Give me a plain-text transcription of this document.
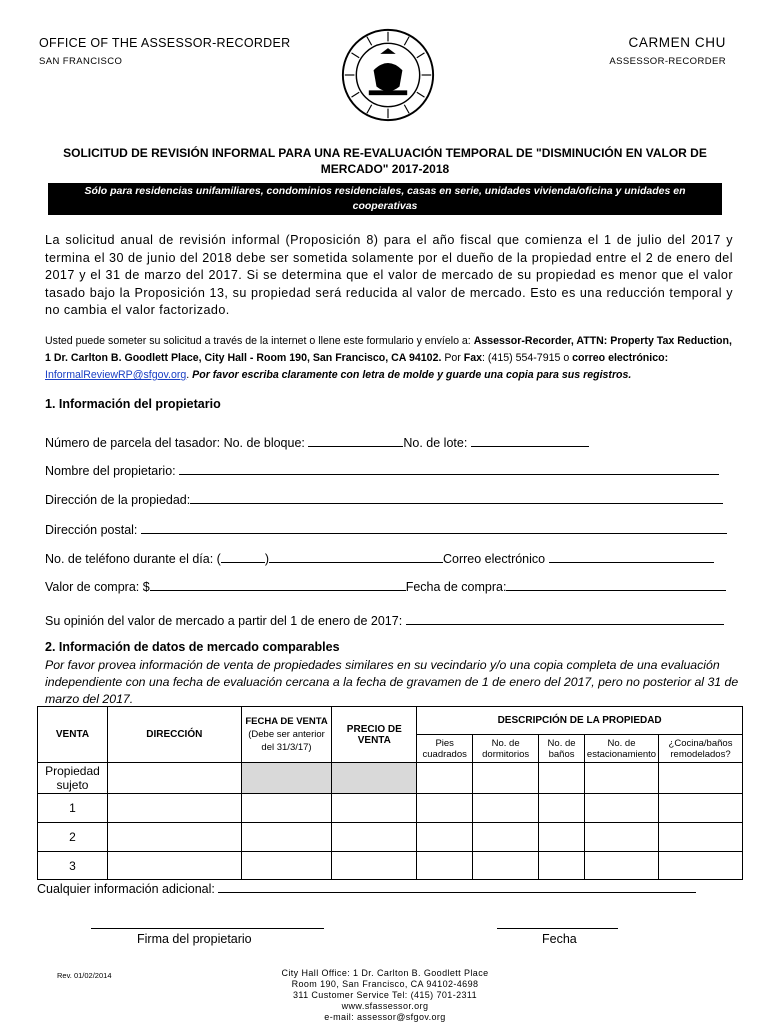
OFFICE OF THE ASSESSOR-RECORDER
SAN FRANCISCO
CARMEN CHU
ASSESSOR-RECORDER
SOLICITUD DE REVISIÓN INFORMAL PARA UNA RE-EVALUACIÓN TEMPORAL DE "DISMINUCIÓN EN VALOR DE MERCADO" 2017-2018
Sólo para residencias unifamiliares, condominios residenciales, casas en serie, unidades vivienda/oficina y unidades en cooperativas
La solicitud anual de revisión informal (Proposición 8) para el año fiscal que comienza el 1 de julio del 2017 y termina el 30 de junio del 2018 debe ser sometida solamente por el dueño de la propiedad entre el 2 de enero del 2017 y el 31 de marzo del 2017. Si se determina que el valor de mercado de su propiedad es menor que el valor tasado bajo la Proposición 13, su propiedad será reducida al valor de mercado. Esto es una reducción temporal y no cambia el valor factorizado.
Usted puede someter su solicitud a través de la internet o llene este formulario y envíelo a: Assessor-Recorder, ATTN: Property Tax Reduction, 1 Dr. Carlton B. Goodlett Place, City Hall - Room 190, San Francisco, CA 94102. Por Fax: (415) 554-7915 o correo electrónico: InformalReviewRP@sfgov.org. Por favor escriba claramente con letra de molde y guarde una copia para sus registros.
1. Información del propietario
Número de parcela del tasador: No. de bloque:	No. de lote:
Nombre del propietario:
Dirección de la propiedad:
Dirección postal:
No. de teléfono durante el día: (	)	Correo electrónico
Valor de compra: $	Fecha de compra:
Su opinión del valor de mercado a partir del 1 de enero de 2017:
2. Información de datos de mercado comparables
Por favor provea información de venta de propiedades similares en su vecindario y/o una copia completa de una evaluación independiente con una fecha de evaluación cercana a la fecha de gravamen de 1 de enero del 2017, pero no posterior al 31 de marzo del 2017.
VENTA	DIRECCIÓN	FECHA DE VENTA (Debe ser anterior del 31/3/17)	PRECIO DE VENTA	DESCRIPCIÓN DE LA PROPIEDAD				
				Pies cuadrados	No. de dormitorios	No. de baños	No. de estacionamiento	¿Cocina/baños remodelados?
Propiedad sujeto								
1								
2								
3								
Cualquier información adicional:
Firma del propietario	Fecha
Rev. 01/02/2014	City Hall Office: 1 Dr. Carlton B. Goodlett Place
Room 190, San Francisco, CA 94102-4698
311 Customer Service Tel: (415) 701-2311
www.sfassessor.org
e-mail: assessor@sfgov.org
